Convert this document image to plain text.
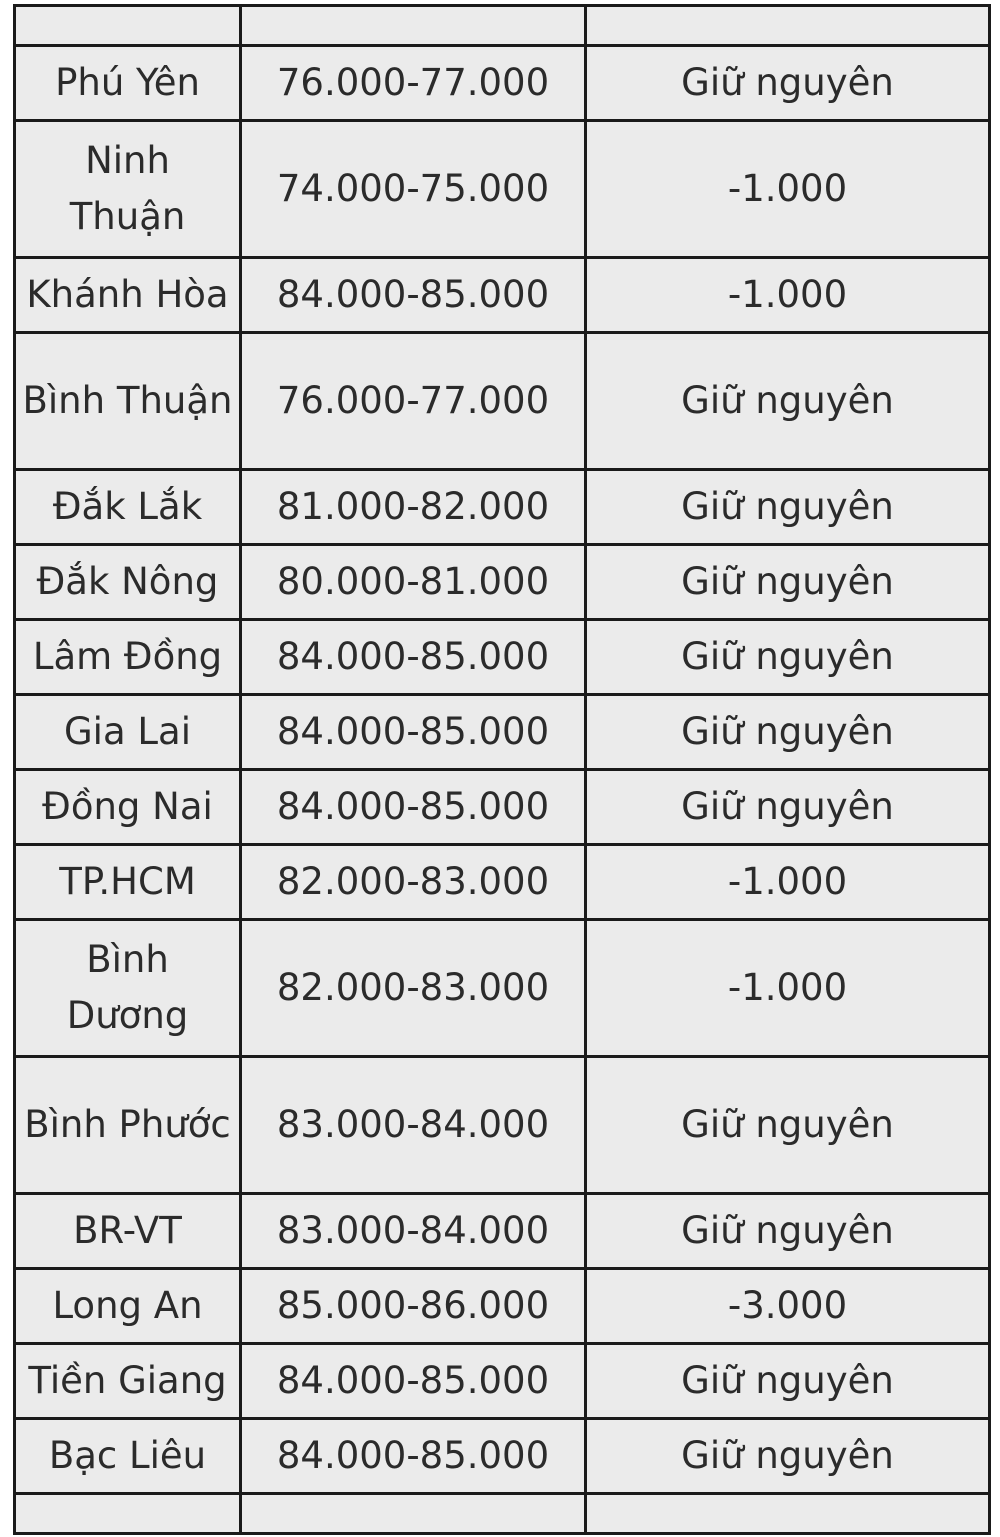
Phú Yên	76.000-77.000	Giữ nguyên
Ninh Thuận	74.000-75.000	-1.000
Khánh Hòa	84.000-85.000	-1.000
Bình Thuận	76.000-77.000	Giữ nguyên
Đắk Lắk	81.000-82.000	Giữ nguyên
Đắk Nông	80.000-81.000	Giữ nguyên
Lâm Đồng	84.000-85.000	Giữ nguyên
Gia Lai	84.000-85.000	Giữ nguyên
Đồng Nai	84.000-85.000	Giữ nguyên
TP.HCM	82.000-83.000	-1.000
Bình Dương	82.000-83.000	-1.000
Bình Phước	83.000-84.000	Giữ nguyên
BR-VT	83.000-84.000	Giữ nguyên
Long An	85.000-86.000	-3.000
Tiền Giang	84.000-85.000	Giữ nguyên
Bạc Liêu	84.000-85.000	Giữ nguyên
